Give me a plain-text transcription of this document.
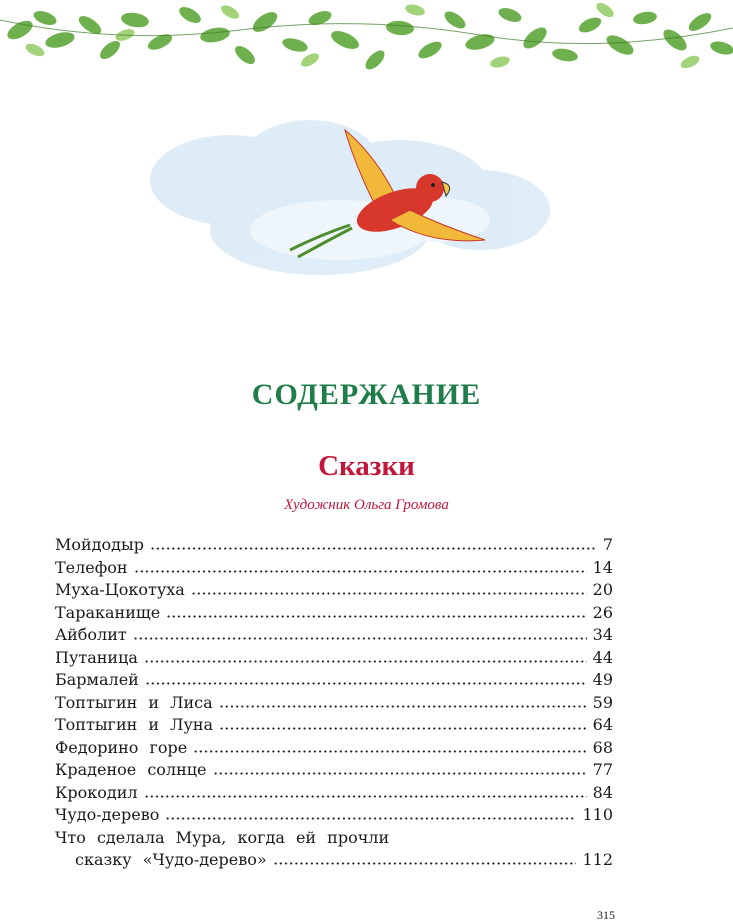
СОДЕРЖАНИЕ
Сказки
Художник Ольга Громова
Мойдодыр	7
Телефон	14
Муха-Цокотуха	20
Тараканище	26
Айболит	34
Путаница	44
Бармалей	49
Топтыгин и Лиса	59
Топтыгин и Луна	64
Федорино горе	68
Краденое солнце	77
Крокодил	84
Чудо-дерево	110
Что сделала Мура, когда ей прочли
сказку «Чудо-дерево»	112
315
